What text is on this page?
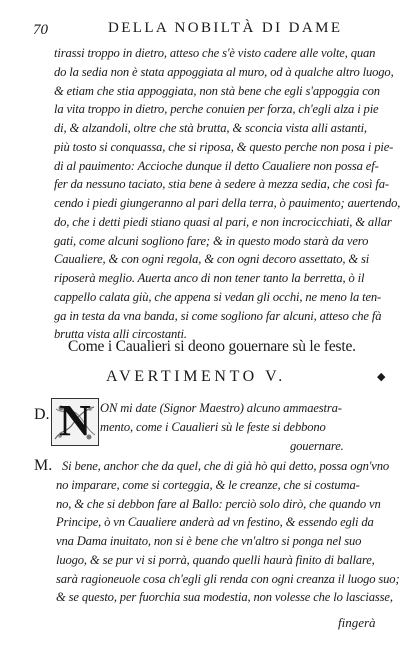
70	DELLA NOBILTÀ DI DAME
tirassi troppo in dietro, atteso che s'è visto cadere alle volte, quan
do la sedia non è stata appoggiata al muro, od à qualche altro luogo,
& etiam che stia appoggiata, non stà bene che egli s'appoggia con
la vita troppo in dietro, perche conuien per forza, ch'egli alza i pie
di, & alzandoli, oltre che stà brutta, & sconcia vista alli astanti,
più tosto si conquassa, che si riposa, & questo perche non posa i pie-
di al pauimento: Accioche dunque il detto Caualiere non possa ef-
fer da nessuno taciato, stia bene à sedere à mezza sedia, che così fa-
cendo i piedi giungeranno al pari della terra, ò pauimento; auertendo,
do, che i detti piedi stiano quasi al pari, e non incrocicchiati, & allar
gati, come alcuni sogliono fare; & in questo modo starà da vero
Caualiere, & con ogni regola, & con ogni decoro assettato, & si
riposerà meglio. Auerta anco di non tener tanto la berretta, ò il
cappello calata giù, che appena si vedan gli occhi, ne meno la ten-
ga in testa da vna banda, si come sogliono far alcuni, atteso che fà
brutta vista alli circostanti.
Come i Caualieri si deono gouernare sù le feste.
AVERTIMENTO V.	◆
D. N ON mi date (Signor Maestro) alcuno ammaestra-
mento, come i Caualieri sù le feste si debbono
gouernare.
M. Si bene, anchor che da quel, che di già hò qui detto, possa ogn'vno
no imparare, come si corteggia, & le creanze, che si costuma-
no, & che si debbon fare al Ballo: perciò solo dirò, che quando vn
Principe, ò vn Caualiere anderà ad vn festino, & essendo egli da
vna Dama inuitato, non si è bene che vn'altro si ponga nel suo
luogo, & se pur vi si porrà, quando quelli haurà finito di ballare,
sarà ragioneuole cosa ch'egli gli renda con ogni creanza il luogo suo;
& se questo, per fuorchia sua modestia, non volesse che lo lasciasse,
fingerà
